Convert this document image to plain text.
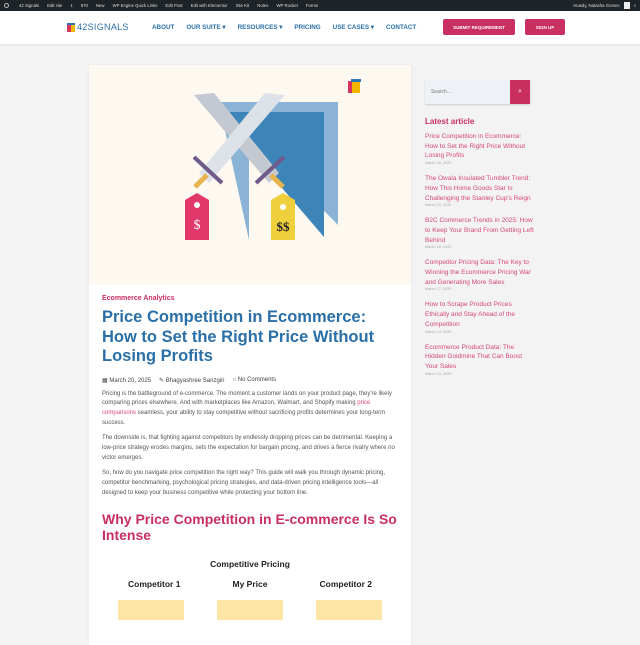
42 Signals Edit site 1 870 New WP Engine Quick Links Edit Post Edit with Elementor Site Kit Notes WP Rocket Forms	Howdy, Natasha Gomes	⌕
42SIGNALS	ABOUT OUR SUITE ▾ RESOURCES ▾ PRICING USE CASES ▾ CONTACT	SUBMIT REQUIREMENT	SIGN UP
$	$$
Ecommerce Analytics
Price Competition in Ecommerce: How to Set the Right Price Without Losing Profits
▦ March 20, 2025 ✎ Bhagyashree Sanzgiri ○ No Comments

Pricing is the battleground of e-commerce. The moment a customer lands on your product page, they're likely comparing prices elsewhere. And with marketplaces like Amazon, Walmart, and Shopify making price comparisons seamless, your ability to stay competitive without sacrificing profits determines your long-term success.

The downside is, that fighting against competitors by endlessly dropping prices can be detrimental. Keeping a low-price strategy erodes margins, sets the expectation for bargain pricing, and drives a fierce rivalry where no victor emerges.

So, how do you navigate price competition the right way? This guide will walk you through dynamic pricing, competitor benchmarking, psychological pricing strategies, and data-driven pricing intelligence tools—all designed to keep your business competitive while protecting your bottom line.

Why Price Competition in E-commerce Is So Intense
Competitive Pricing
Competitor 1	My Price	Competitor 2
Search...
⌕
Latest article
Price Competition in Ecommerce: How to Set the Right Price Without Losing Profits
March 20, 2025
The Owala Insulated Tumbler Trend: How This Home Goods Star Is Challenging the Stanley Cup's Reign
March 19, 2025
B2C Commerce Trends in 2025: How to Keep Your Brand From Getting Left Behind
March 18, 2025
Competitor Pricing Data: The Key to Winning the Ecommerce Pricing War and Generating More Sales
March 17, 2025
How to Scrape Product Prices Ethically and Stay Ahead of the Competition
March 14, 2025
Ecommerce Product Data: The Hidden Goldmine That Can Boost Your Sales
March 13, 2025
